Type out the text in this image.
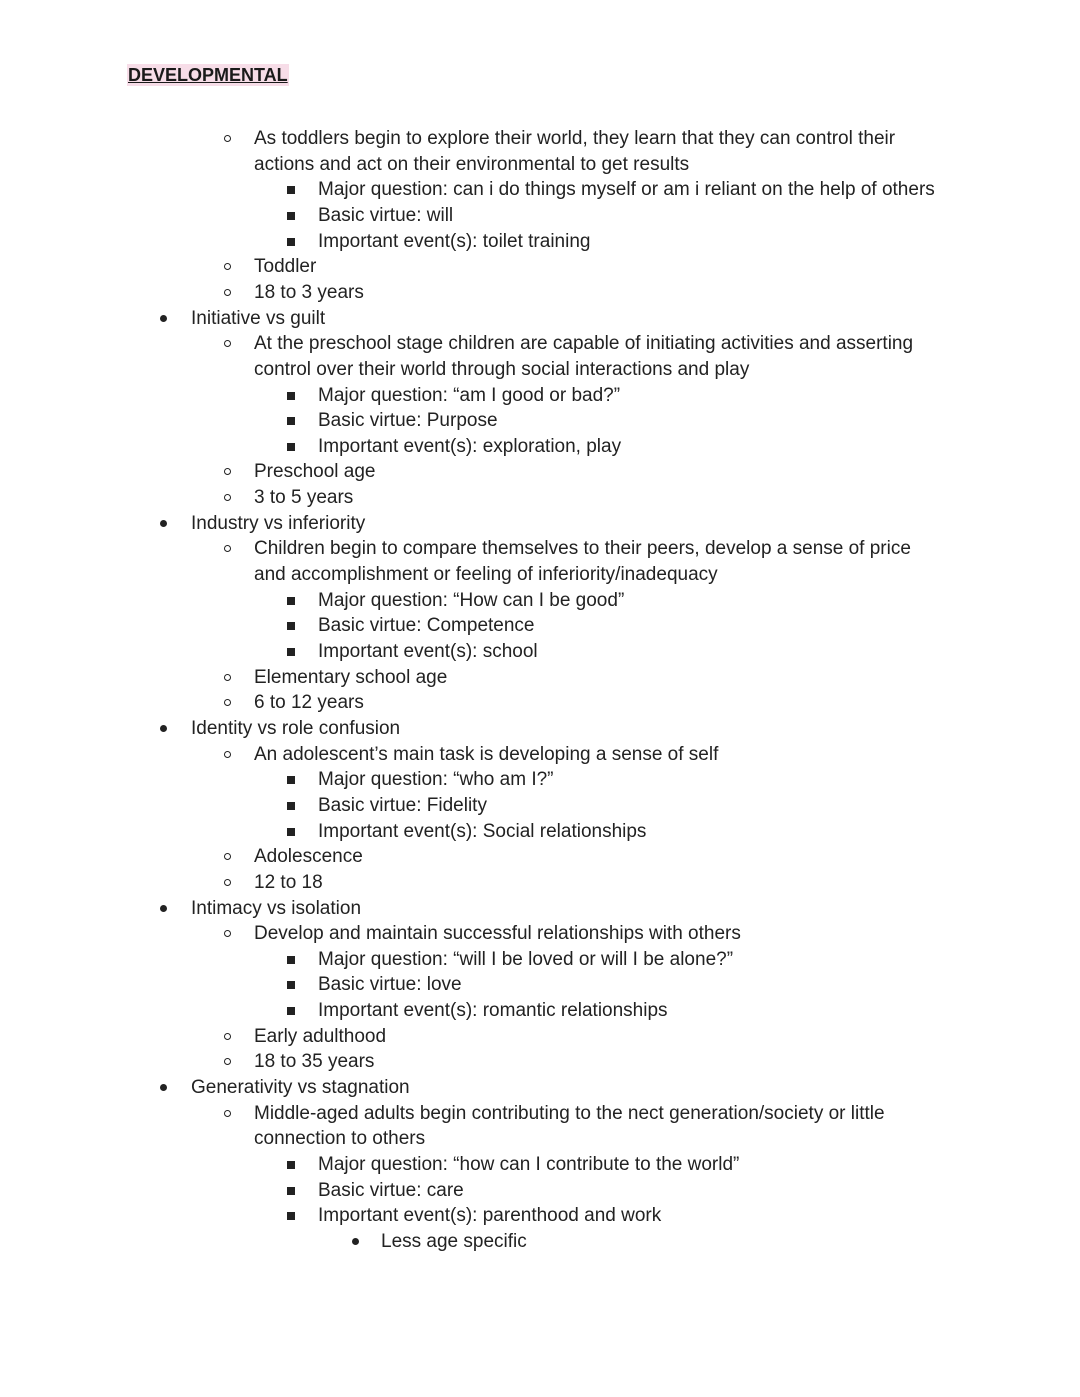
DEVELOPMENTAL
As toddlers begin to explore their world, they learn that they can control their
actions and act on their environmental to get results
Major question: can i do things myself or am i reliant on the help of others
Basic virtue: will
Important event(s): toilet training
Toddler
18 to 3 years
Initiative vs guilt
At the preschool stage children are capable of initiating activities and asserting
control over their world through social interactions and play
Major question: “am I good or bad?”
Basic virtue: Purpose
Important event(s): exploration, play
Preschool age
3 to 5 years
Industry vs inferiority
Children begin to compare themselves to their peers, develop a sense of price
and accomplishment or feeling of inferiority/inadequacy
Major question: “How can I be good”
Basic virtue: Competence
Important event(s): school
Elementary school age
6 to 12 years
Identity vs role confusion
An adolescent’s main task is developing a sense of self
Major question: “who am I?”
Basic virtue: Fidelity
Important event(s): Social relationships
Adolescence
12 to 18
Intimacy vs isolation
Develop and maintain successful relationships with others
Major question: “will I be loved or will I be alone?”
Basic virtue: love
Important event(s): romantic relationships
Early adulthood
18 to 35 years
Generativity vs stagnation
Middle-aged adults begin contributing to the nect generation/society or little
connection to others
Major question: “how can I contribute to the world”
Basic virtue: care
Important event(s): parenthood and work
Less age specific
